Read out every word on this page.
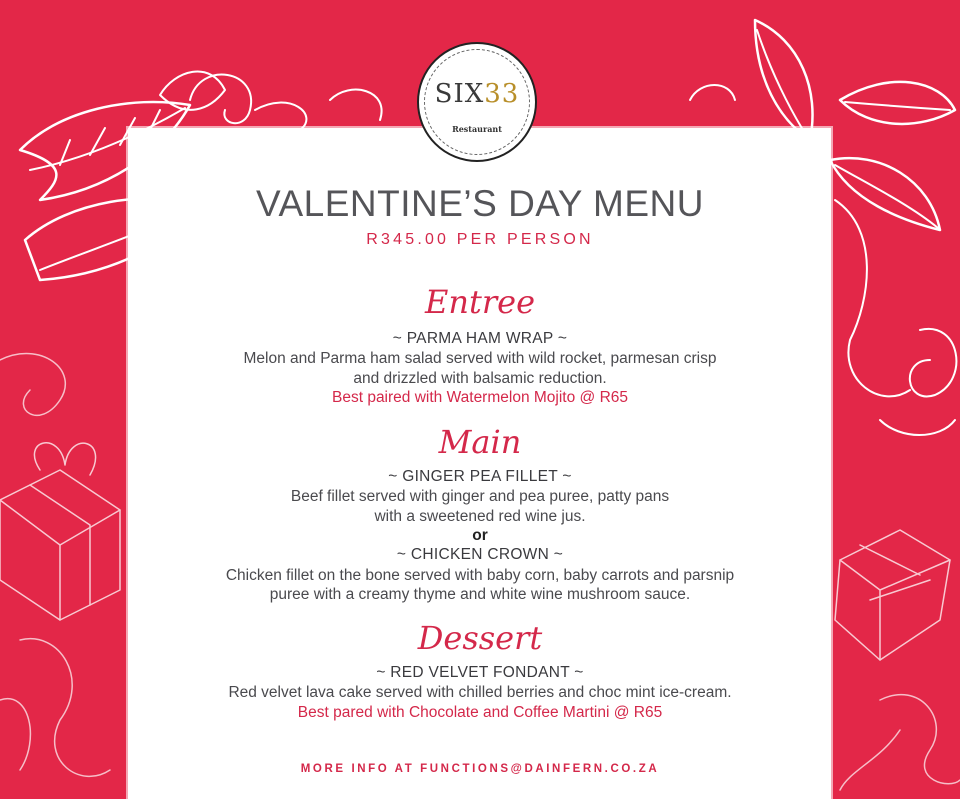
SIX33
Restaurant
VALENTINE’S DAY MENU
R345.00 PER PERSON
Entree
~ PARMA HAM WRAP ~
Melon and Parma ham salad served with wild rocket, parmesan crisp
and drizzled with balsamic reduction.
Best paired with Watermelon Mojito @ R65
Main
~ GINGER PEA FILLET ~
Beef fillet served with ginger and pea puree, patty pans
with a sweetened red wine jus.
or
~ CHICKEN CROWN ~
Chicken fillet on the bone served with baby corn, baby carrots and parsnip
puree with a creamy thyme and white wine mushroom sauce.
Dessert
~ RED VELVET FONDANT ~
Red velvet lava cake served with chilled berries and choc mint ice-cream.
Best pared with Chocolate and Coffee Martini @ R65
MORE INFO AT FUNCTIONS@DAINFERN.CO.ZA
